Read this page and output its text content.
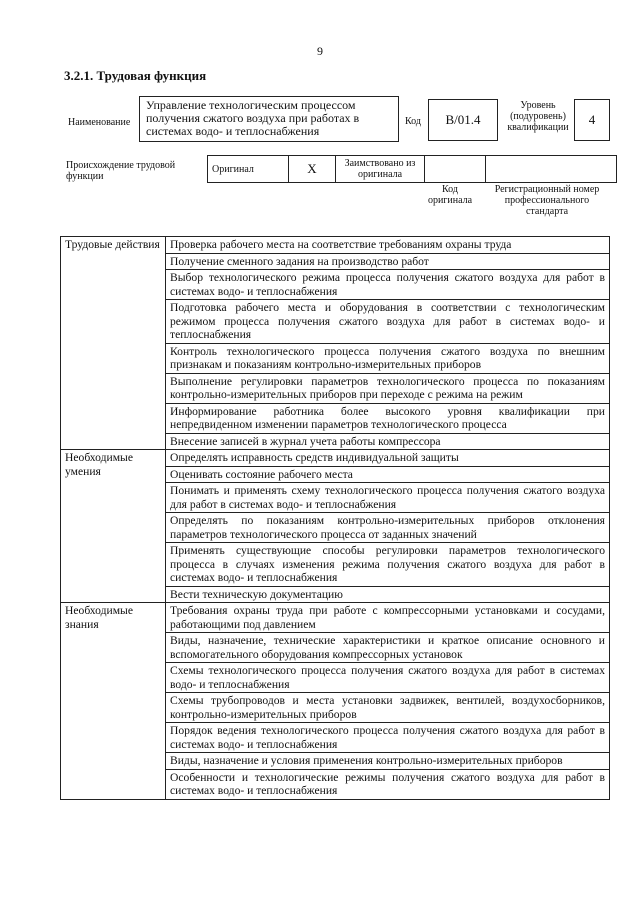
9
3.2.1. Трудовая функция
Наименование
Управление технологическим процессом получения сжатого воздуха при работах в системах водо- и теплоснабжения
Код	В/01.4
Уровень (подуровень) квалификации
4
Происхождение трудовой функции
Оригинал	X	Заимствовано из оригинала		
Код оригинала
Регистрационный номер профессионального стандарта
Трудовые действия	Проверка рабочего места на соответствие требованиям охраны труда
	Получение сменного задания на производство работ
	Выбор технологического режима процесса получения сжатого воздуха для работ в системах водо- и теплоснабжения
	Подготовка рабочего места и оборудования в соответствии с технологическим режимом процесса получения сжатого воздуха для работ в системах водо- и теплоснабжения
	Контроль технологического процесса получения сжатого воздуха по внешним признакам и показаниям контрольно-измерительных приборов
	Выполнение регулировки параметров технологического процесса по показаниям контрольно-измерительных приборов при переходе с режима на режим
	Информирование работника более высокого уровня квалификации при непредвиденном изменении параметров технологического процесса
	Внесение записей в журнал учета работы компрессора
Необходимые умения	Определять исправность средств индивидуальной защиты
	Оценивать состояние рабочего места
	Понимать и применять схему технологического процесса получения сжатого воздуха для работ в системах водо- и теплоснабжения
	Определять по показаниям контрольно-измерительных приборов отклонения параметров технологического процесса от заданных значений
	Применять существующие способы регулировки параметров технологического процесса в случаях изменения режима получения сжатого воздуха для работ в системах водо- и теплоснабжения
	Вести техническую документацию
Необходимые знания	Требования охраны труда при работе с компрессорными установками и сосудами, работающими под давлением
	Виды, назначение, технические характеристики и краткое описание основного и вспомогательного оборудования компрессорных установок
	Схемы технологического процесса получения сжатого воздуха для работ в системах водо- и теплоснабжения
	Схемы трубопроводов и места установки задвижек, вентилей, воздухосборников, контрольно-измерительных приборов
	Порядок ведения технологического процесса получения сжатого воздуха для работ в системах водо- и теплоснабжения
	Виды, назначение и условия применения контрольно-измерительных приборов
	Особенности и технологические режимы получения сжатого воздуха для работ в системах водо- и теплоснабжения
